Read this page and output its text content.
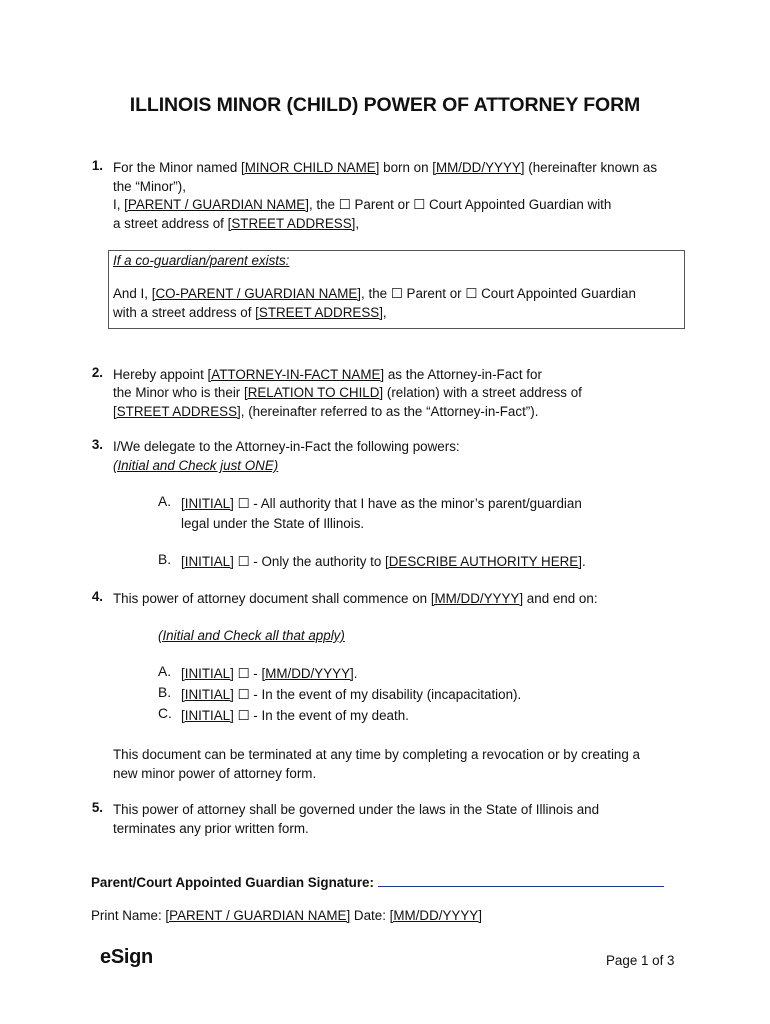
ILLINOIS MINOR (CHILD) POWER OF ATTORNEY FORM
1. For the Minor named [MINOR CHILD NAME] born on [MM/DD/YYYY] (hereinafter known as
the “Minor”),
I, [PARENT / GUARDIAN NAME], the ☐ Parent or ☐ Court Appointed Guardian with
a street address of [STREET ADDRESS],
If a co-guardian/parent exists:
And I, [CO-PARENT / GUARDIAN NAME], the ☐ Parent or ☐ Court Appointed Guardian
with a street address of [STREET ADDRESS],
2. Hereby appoint [ATTORNEY-IN-FACT NAME] as the Attorney-in-Fact for
the Minor who is their [RELATION TO CHILD] (relation) with a street address of
[STREET ADDRESS], (hereinafter referred to as the “Attorney-in-Fact”).
3. I/We delegate to the Attorney-in-Fact the following powers:
(Initial and Check just ONE)
A. [INITIAL] ☐ - All authority that I have as the minor’s parent/guardian
legal under the State of Illinois.
B. [INITIAL] ☐ - Only the authority to [DESCRIBE AUTHORITY HERE].
4. This power of attorney document shall commence on [MM/DD/YYYY] and end on:
(Initial and Check all that apply)
A. [INITIAL] ☐ - [MM/DD/YYYY].
B. [INITIAL] ☐ - In the event of my disability (incapacitation).
C. [INITIAL] ☐ - In the event of my death.
This document can be terminated at any time by completing a revocation or by creating a
new minor power of attorney form.
5. This power of attorney shall be governed under the laws in the State of Illinois and
terminates any prior written form.
Parent/Court Appointed Guardian Signature:
Print Name: [PARENT / GUARDIAN NAME] Date: [MM/DD/YYYY]
eSign	Page 1 of 3
